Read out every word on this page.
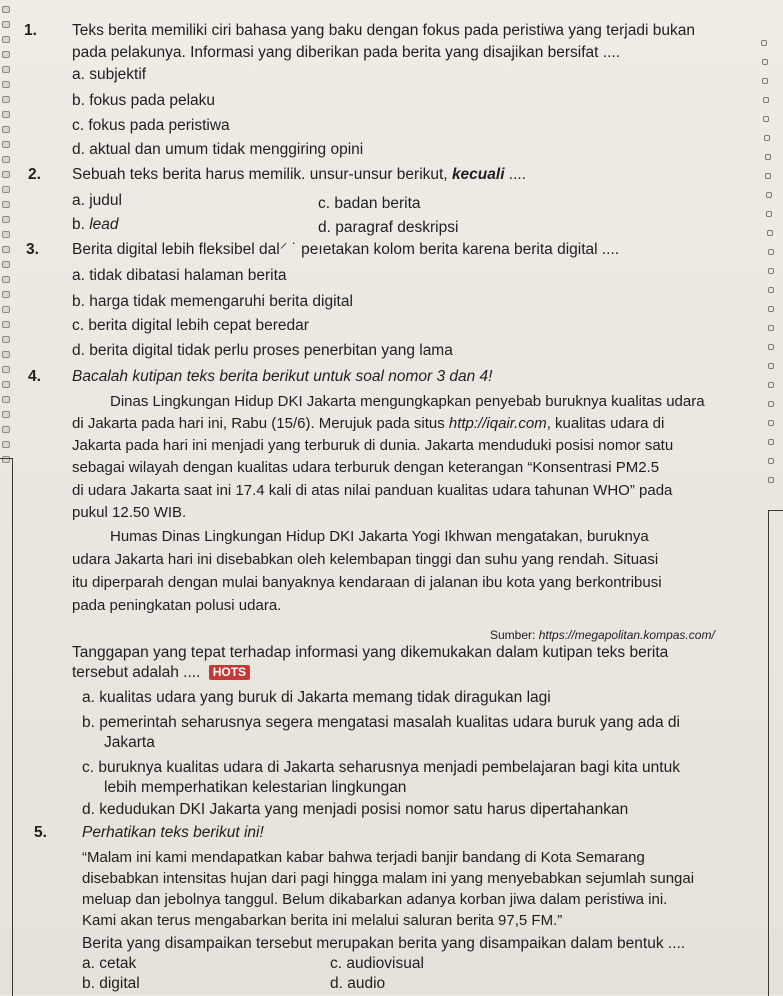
1. Teks berita memiliki ciri bahasa yang baku dengan fokus pada peristiwa yang terjadi bukan
pada pelakunya. Informasi yang diberikan pada berita yang disajikan bersifat ....
a. subjektif
b. fokus pada pelaku
c. fokus pada peristiwa
d. aktual dan umum tidak menggiring opini
2. Sebuah teks berita harus memilik. unsur-unsur berikut, kecuali ....
a. judul	c. badan berita
b. lead	d. paragraf deskripsi
3. Berita digital lebih fleksibel dal⸍ ˙ peıetakan kolom berita karena berita digital ....
a. tidak dibatasi halaman berita
b. harga tidak memengaruhi berita digital
c. berita digital lebih cepat beredar
d. berita digital tidak perlu proses penerbitan yang lama
4. Bacalah kutipan teks berita berikut untuk soal nomor 3 dan 4!
Dinas Lingkungan Hidup DKI Jakarta mengungkapkan penyebab buruknya kualitas udara
di Jakarta pada hari ini, Rabu (15/6). Merujuk pada situs http://iqair.com, kualitas udara di
Jakarta pada hari ini menjadi yang terburuk di dunia. Jakarta menduduki posisi nomor satu
sebagai wilayah dengan kualitas udara terburuk dengan keterangan “Konsentrasi PM2.5
di udara Jakarta saat ini 17.4 kali di atas nilai panduan kualitas udara tahunan WHO” pada
pukul 12.50 WIB.
Humas Dinas Lingkungan Hidup DKI Jakarta Yogi Ikhwan mengatakan, buruknya
udara Jakarta hari ini disebabkan oleh kelembapan tinggi dan suhu yang rendah. Situasi
itu diperparah dengan mulai banyaknya kendaraan di jalanan ibu kota yang berkontribusi
pada peningkatan polusi udara.
Sumber: https://megapolitan.kompas.com/
Tanggapan yang tepat terhadap informasi yang dikemukakan dalam kutipan teks berita
tersebut adalah .... HOTS
a. kualitas udara yang buruk di Jakarta memang tidak diragukan lagi
b. pemerintah seharusnya segera mengatasi masalah kualitas udara buruk yang ada di
Jakarta
c. buruknya kualitas udara di Jakarta seharusnya menjadi pembelajaran bagi kita untuk
lebih memperhatikan kelestarian lingkungan
d. kedudukan DKI Jakarta yang menjadi posisi nomor satu harus dipertahankan
5. Perhatikan teks berikut ini!
“Malam ini kami mendapatkan kabar bahwa terjadi banjir bandang di Kota Semarang
disebabkan intensitas hujan dari pagi hingga malam ini yang menyebabkan sejumlah sungai
meluap dan jebolnya tanggul. Belum dikabarkan adanya korban jiwa dalam peristiwa ini.
Kami akan terus mengabarkan berita ini melalui saluran berita 97,5 FM.”
Berita yang disampaikan tersebut merupakan berita yang disampaikan dalam bentuk ....
a. cetak	c. audiovisual
b. digital	d. audio
